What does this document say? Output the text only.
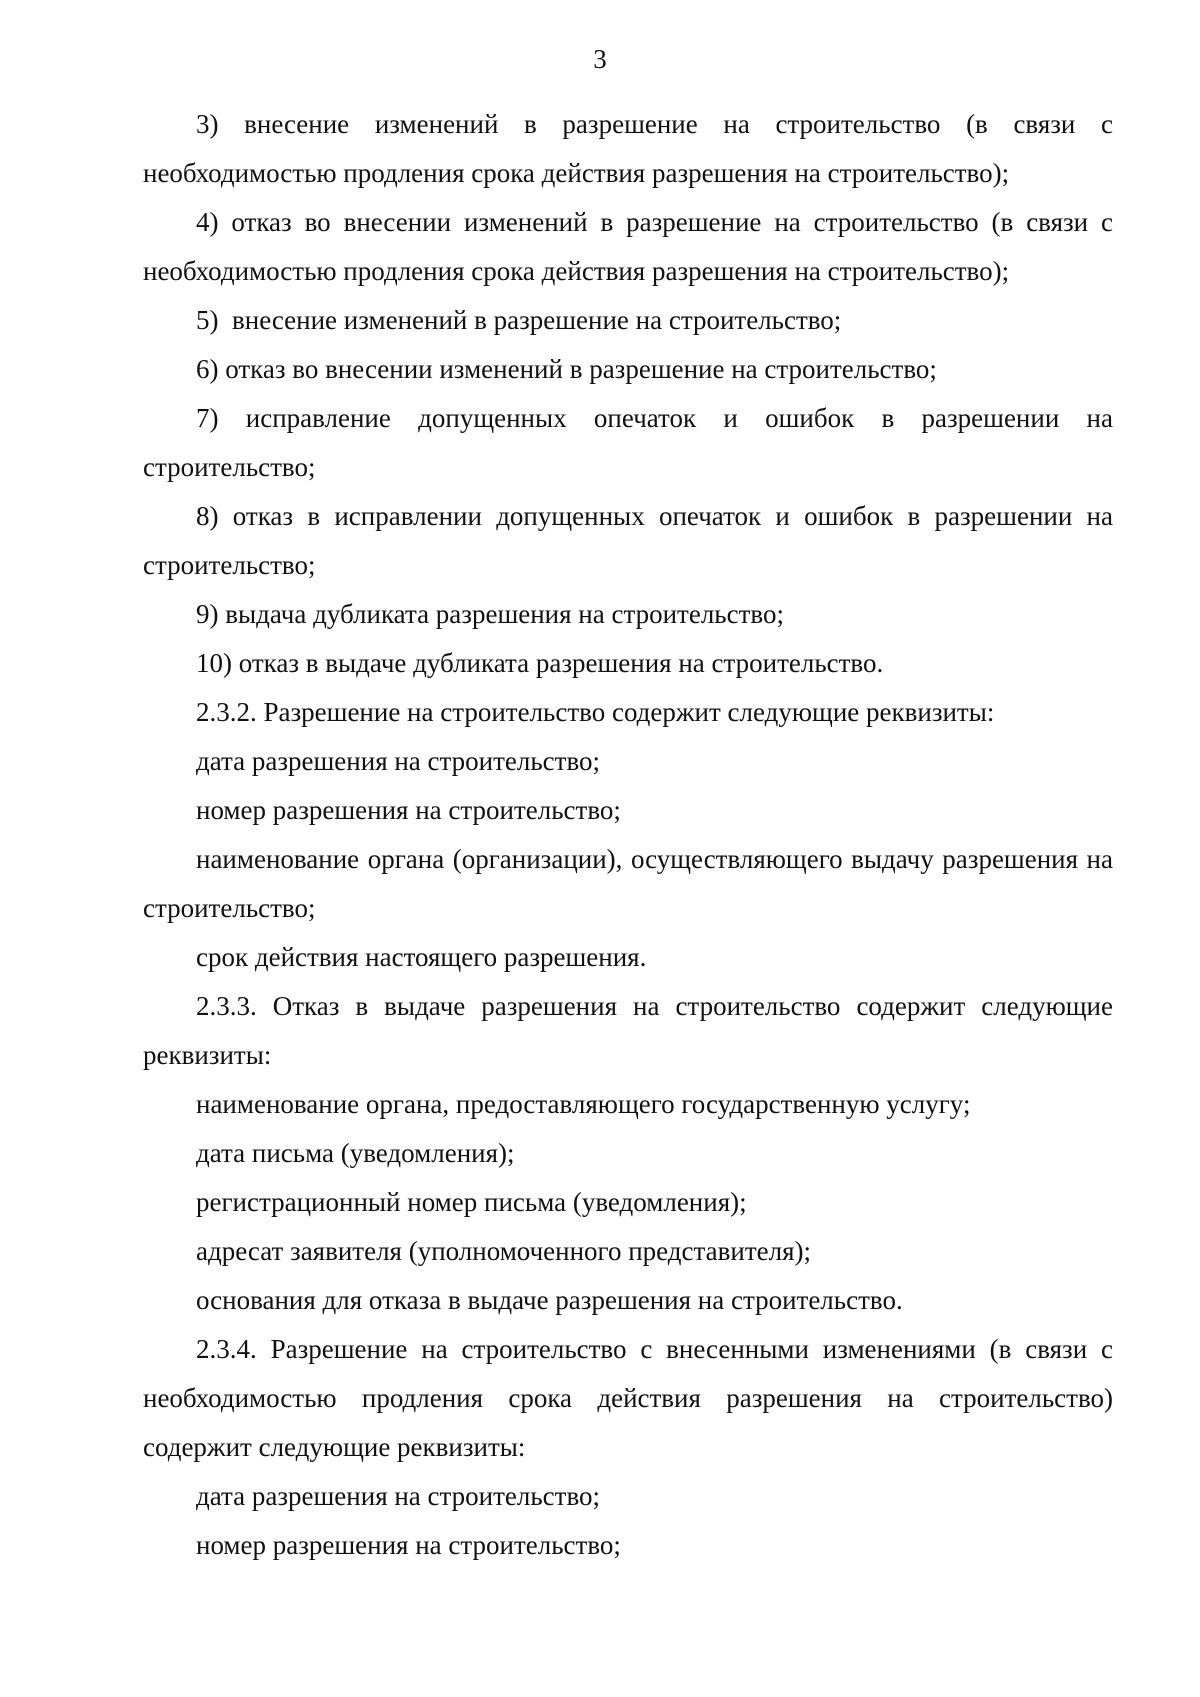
3

3) внесение изменений в разрешение на строительство (в связи с необходимостью продления срока действия разрешения на строительство);

4) отказ во внесении изменений в разрешение на строительство (в связи с необходимостью продления срока действия разрешения на строительство);

5)  внесение изменений в разрешение на строительство;

6) отказ во внесении изменений в разрешение на строительство;

7) исправление допущенных опечаток и ошибок в разрешении на строительство;

8) отказ в исправлении допущенных опечаток и ошибок в разрешении на строительство;

9) выдача дубликата разрешения на строительство;

10) отказ в выдаче дубликата разрешения на строительство.

2.3.2. Разрешение на строительство содержит следующие реквизиты:

дата разрешения на строительство;

номер разрешения на строительство;

наименование органа (организации), осуществляющего выдачу разрешения на строительство;

срок действия настоящего разрешения.

2.3.3. Отказ в выдаче разрешения на строительство содержит следующие реквизиты:

наименование органа, предоставляющего государственную услугу;

дата письма (уведомления);

регистрационный номер письма (уведомления);

адресат заявителя (уполномоченного представителя);

основания для отказа в выдаче разрешения на строительство.

2.3.4. Разрешение на строительство с внесенными изменениями (в связи с необходимостью продления срока действия разрешения на строительство) содержит следующие реквизиты:

дата разрешения на строительство;

номер разрешения на строительство;
